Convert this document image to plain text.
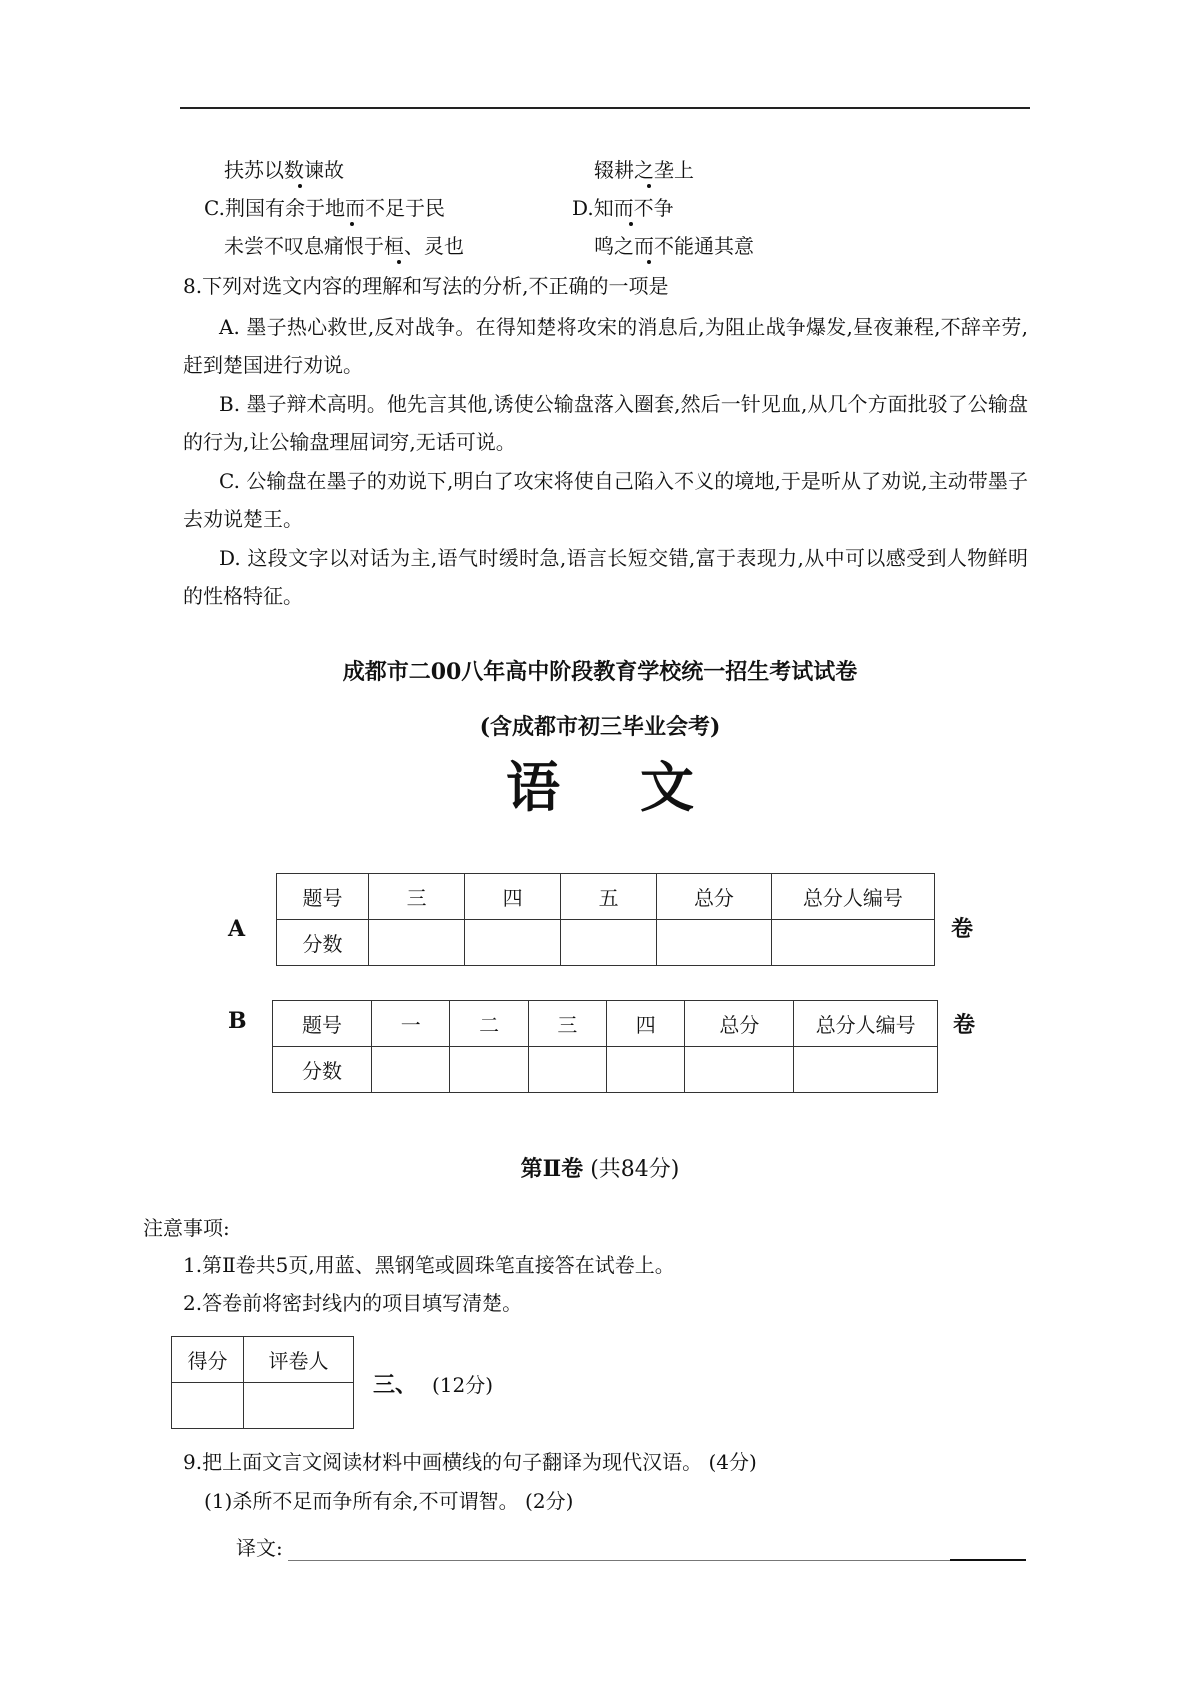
扶苏以数谏故	辍耕之垄上
C.荆国有余于地而不足于民	D.知而不争
未尝不叹息痛恨于桓、灵也	鸣之而不能通其意
8.下列对选文内容的理解和写法的分析,不正确的一项是
A. 墨子热心救世,反对战争。在得知楚将攻宋的消息后,为阻止战争爆发,昼夜兼程,不辞辛劳,赶到楚国进行劝说。
B. 墨子辩术高明。他先言其他,诱使公输盘落入圈套,然后一针见血,从几个方面批驳了公输盘的行为,让公输盘理屈词穷,无话可说。
C. 公输盘在墨子的劝说下,明白了攻宋将使自己陷入不义的境地,于是听从了劝说,主动带墨子去劝说楚王。
D. 这段文字以对话为主,语气时缓时急,语言长短交错,富于表现力,从中可以感受到人物鲜明的性格特征。
成都市二00八年高中阶段教育学校统一招生考试试卷
(含成都市初三毕业会考)
语文
A
题号	三	四	五	总分	总分人编号
分数					
卷
B	题号	一	二	三	四	总分	总分人编号
分数						
卷
第Ⅱ卷 (共84分)
注意事项:
1.第Ⅱ卷共5页,用蓝、黑钢笔或圆珠笔直接答在试卷上。
2.答卷前将密封线内的项目填写清楚。
得分	评卷人

三、 (12分)
9.把上面文言文阅读材料中画横线的句子翻译为现代汉语。 (4分)
(1)杀所不足而争所有余,不可谓智。 (2分)
译文:
